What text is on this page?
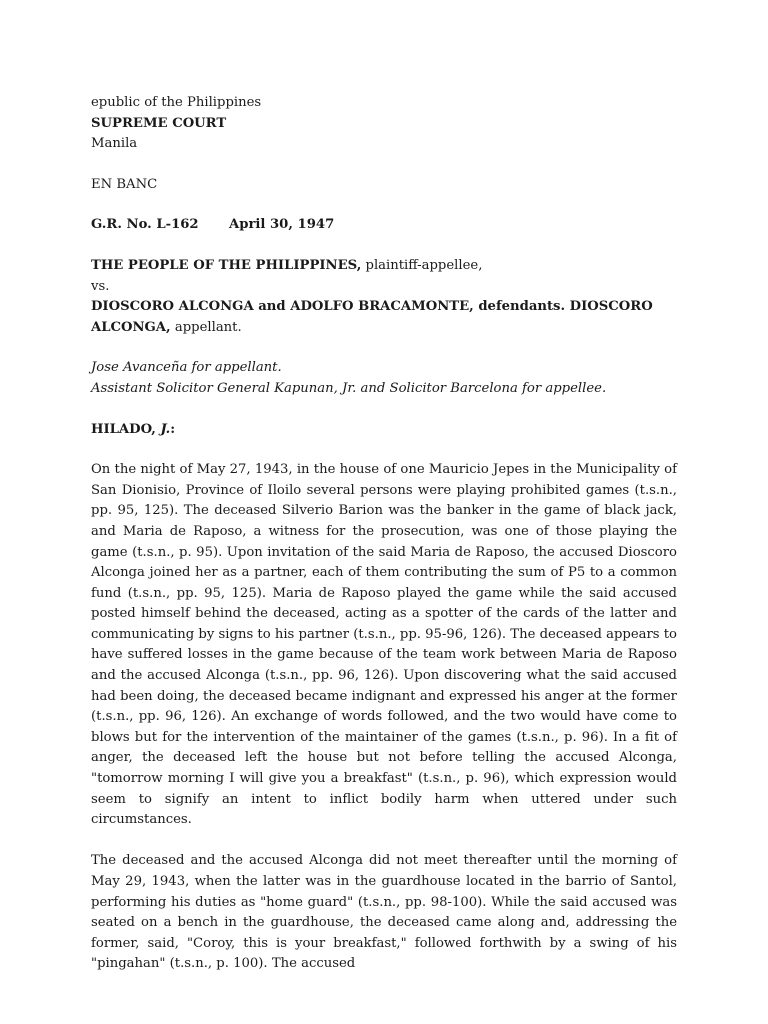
epublic of the Philippines
SUPREME COURT
Manila
EN BANC
G.R. No. L-162	April 30, 1947
THE PEOPLE OF THE PHILIPPINES, plaintiff-appellee,
vs.
DIOSCORO ALCONGA and ADOLFO BRACAMONTE, defendants. DIOSCORO ALCONGA, appellant.
Jose Avanceña for appellant.
Assistant Solicitor General Kapunan, Jr. and Solicitor Barcelona for appellee.
HILADO, J.:

On the night of May 27, 1943, in the house of one Mauricio Jepes in the Municipality of San Dionisio, Province of Iloilo several persons were playing prohibited games (t.s.n., pp. 95, 125). The deceased Silverio Barion was the banker in the game of black jack, and Maria de Raposo, a witness for the prosecution, was one of those playing the game (t.s.n., p. 95). Upon invitation of the said Maria de Raposo, the accused Dioscoro Alconga joined her as a partner, each of them contributing the sum of P5 to a common fund (t.s.n., pp. 95, 125). Maria de Raposo played the game while the said accused posted himself behind the deceased, acting as a spotter of the cards of the latter and communicating by signs to his partner (t.s.n., pp. 95-96, 126). The deceased appears to have suffered losses in the game because of the team work between Maria de Raposo and the accused Alconga (t.s.n., pp. 96, 126). Upon discovering what the said accused had been doing, the deceased became indignant and expressed his anger at the former (t.s.n., pp. 96, 126). An exchange of words followed, and the two would have come to blows but for the intervention of the maintainer of the games (t.s.n., p. 96). In a fit of anger, the deceased left the house but not before telling the accused Alconga, "tomorrow morning I will give you a breakfast" (t.s.n., p. 96), which expression would seem to signify an intent to inflict bodily harm when uttered under such circumstances.

The deceased and the accused Alconga did not meet thereafter until the morning of May 29, 1943, when the latter was in the guardhouse located in the barrio of Santol, performing his duties as "home guard" (t.s.n., pp. 98-100). While the said accused was seated on a bench in the guardhouse, the deceased came along and, addressing the former, said, "Coroy, this is your breakfast," followed forthwith by a swing of his "pingahan" (t.s.n., p. 100). The accused
